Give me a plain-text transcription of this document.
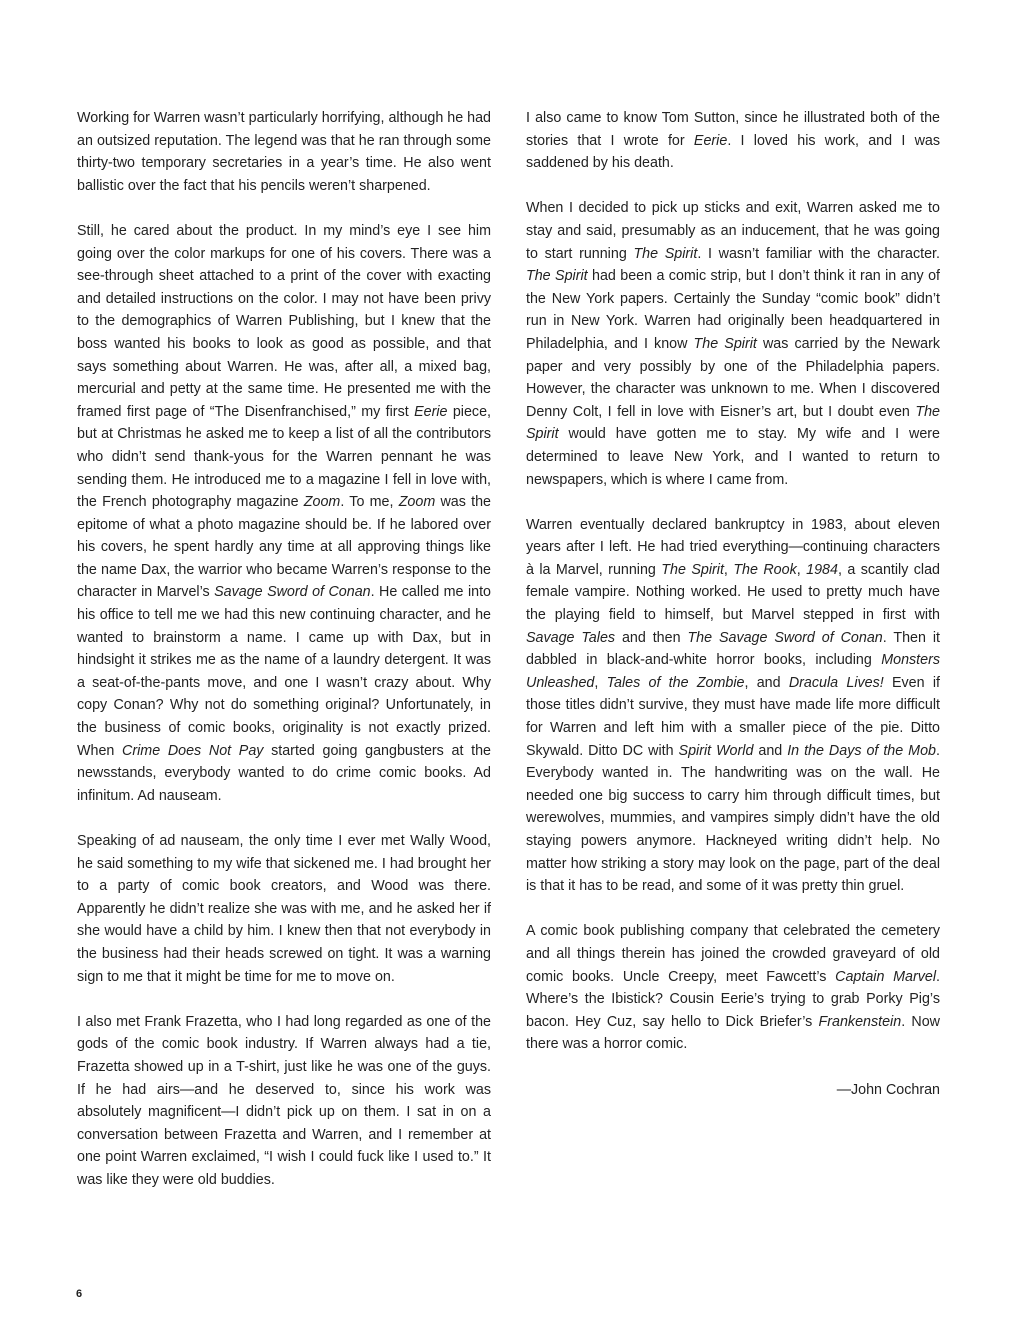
Working for Warren wasn’t particularly horrifying, although he had an outsized reputation. The legend was that he ran through some thirty-two temporary secretaries in a year’s time. He also went ballistic over the fact that his pencils weren’t sharpened.

Still, he cared about the product. In my mind’s eye I see him going over the color markups for one of his covers. There was a see-through sheet attached to a print of the cover with exacting and detailed instructions on the color. I may not have been privy to the demographics of Warren Publishing, but I knew that the boss wanted his books to look as good as possible, and that says something about Warren. He was, after all, a mixed bag, mercurial and petty at the same time. He presented me with the framed first page of “The Disenfranchised,” my first Eerie piece, but at Christmas he asked me to keep a list of all the contributors who didn’t send thank-yous for the Warren pennant he was sending them. He introduced me to a magazine I fell in love with, the French photography magazine Zoom. To me, Zoom was the epitome of what a photo magazine should be. If he labored over his covers, he spent hardly any time at all approving things like the name Dax, the warrior who became Warren’s response to the character in Marvel’s Savage Sword of Conan. He called me into his office to tell me we had this new continuing character, and he wanted to brainstorm a name. I came up with Dax, but in hindsight it strikes me as the name of a laundry detergent. It was a seat-of-the-pants move, and one I wasn’t crazy about. Why copy Conan? Why not do something original? Unfortunately, in the business of comic books, originality is not exactly prized. When Crime Does Not Pay started going gangbusters at the newsstands, everybody wanted to do crime comic books. Ad infinitum. Ad nauseam.

Speaking of ad nauseam, the only time I ever met Wally Wood, he said something to my wife that sickened me. I had brought her to a party of comic book creators, and Wood was there. Apparently he didn’t realize she was with me, and he asked her if she would have a child by him. I knew then that not everybody in the business had their heads screwed on tight. It was a warning sign to me that it might be time for me to move on.

I also met Frank Frazetta, who I had long regarded as one of the gods of the comic book industry. If Warren always had a tie, Frazetta showed up in a T-shirt, just like he was one of the guys. If he had airs—and he deserved to, since his work was absolutely magnificent—I didn’t pick up on them. I sat in on a conversation between Frazetta and Warren, and I remember at one point Warren exclaimed, “I wish I could fuck like I used to.” It was like they were old buddies.

I also came to know Tom Sutton, since he illustrated both of the stories that I wrote for Eerie. I loved his work, and I was saddened by his death.

When I decided to pick up sticks and exit, Warren asked me to stay and said, presumably as an inducement, that he was going to start running The Spirit. I wasn’t familiar with the character. The Spirit had been a comic strip, but I don’t think it ran in any of the New York papers. Certainly the Sunday “comic book” didn’t run in New York. Warren had originally been headquartered in Philadelphia, and I know The Spirit was carried by the Newark paper and very possibly by one of the Philadelphia papers. However, the character was unknown to me. When I discovered Denny Colt, I fell in love with Eisner’s art, but I doubt even The Spirit would have gotten me to stay. My wife and I were determined to leave New York, and I wanted to return to newspapers, which is where I came from.

Warren eventually declared bankruptcy in 1983, about eleven years after I left. He had tried everything—continuing characters à la Marvel, running The Spirit, The Rook, 1984, a scantily clad female vampire. Nothing worked. He used to pretty much have the playing field to himself, but Marvel stepped in first with Savage Tales and then The Savage Sword of Conan. Then it dabbled in black-and-white horror books, including Monsters Unleashed, Tales of the Zombie, and Dracula Lives! Even if those titles didn’t survive, they must have made life more difficult for Warren and left him with a smaller piece of the pie. Ditto Skywald. Ditto DC with Spirit World and In the Days of the Mob. Everybody wanted in. The handwriting was on the wall. He needed one big success to carry him through difficult times, but werewolves, mummies, and vampires simply didn’t have the old staying powers anymore. Hackneyed writing didn’t help. No matter how striking a story may look on the page, part of the deal is that it has to be read, and some of it was pretty thin gruel.

A comic book publishing company that celebrated the cemetery and all things therein has joined the crowded graveyard of old comic books. Uncle Creepy, meet Fawcett’s Captain Marvel. Where’s the Ibistick? Cousin Eerie’s trying to grab Porky Pig’s bacon. Hey Cuz, say hello to Dick Briefer’s Frankenstein. Now there was a horror comic.

—John Cochran

6
